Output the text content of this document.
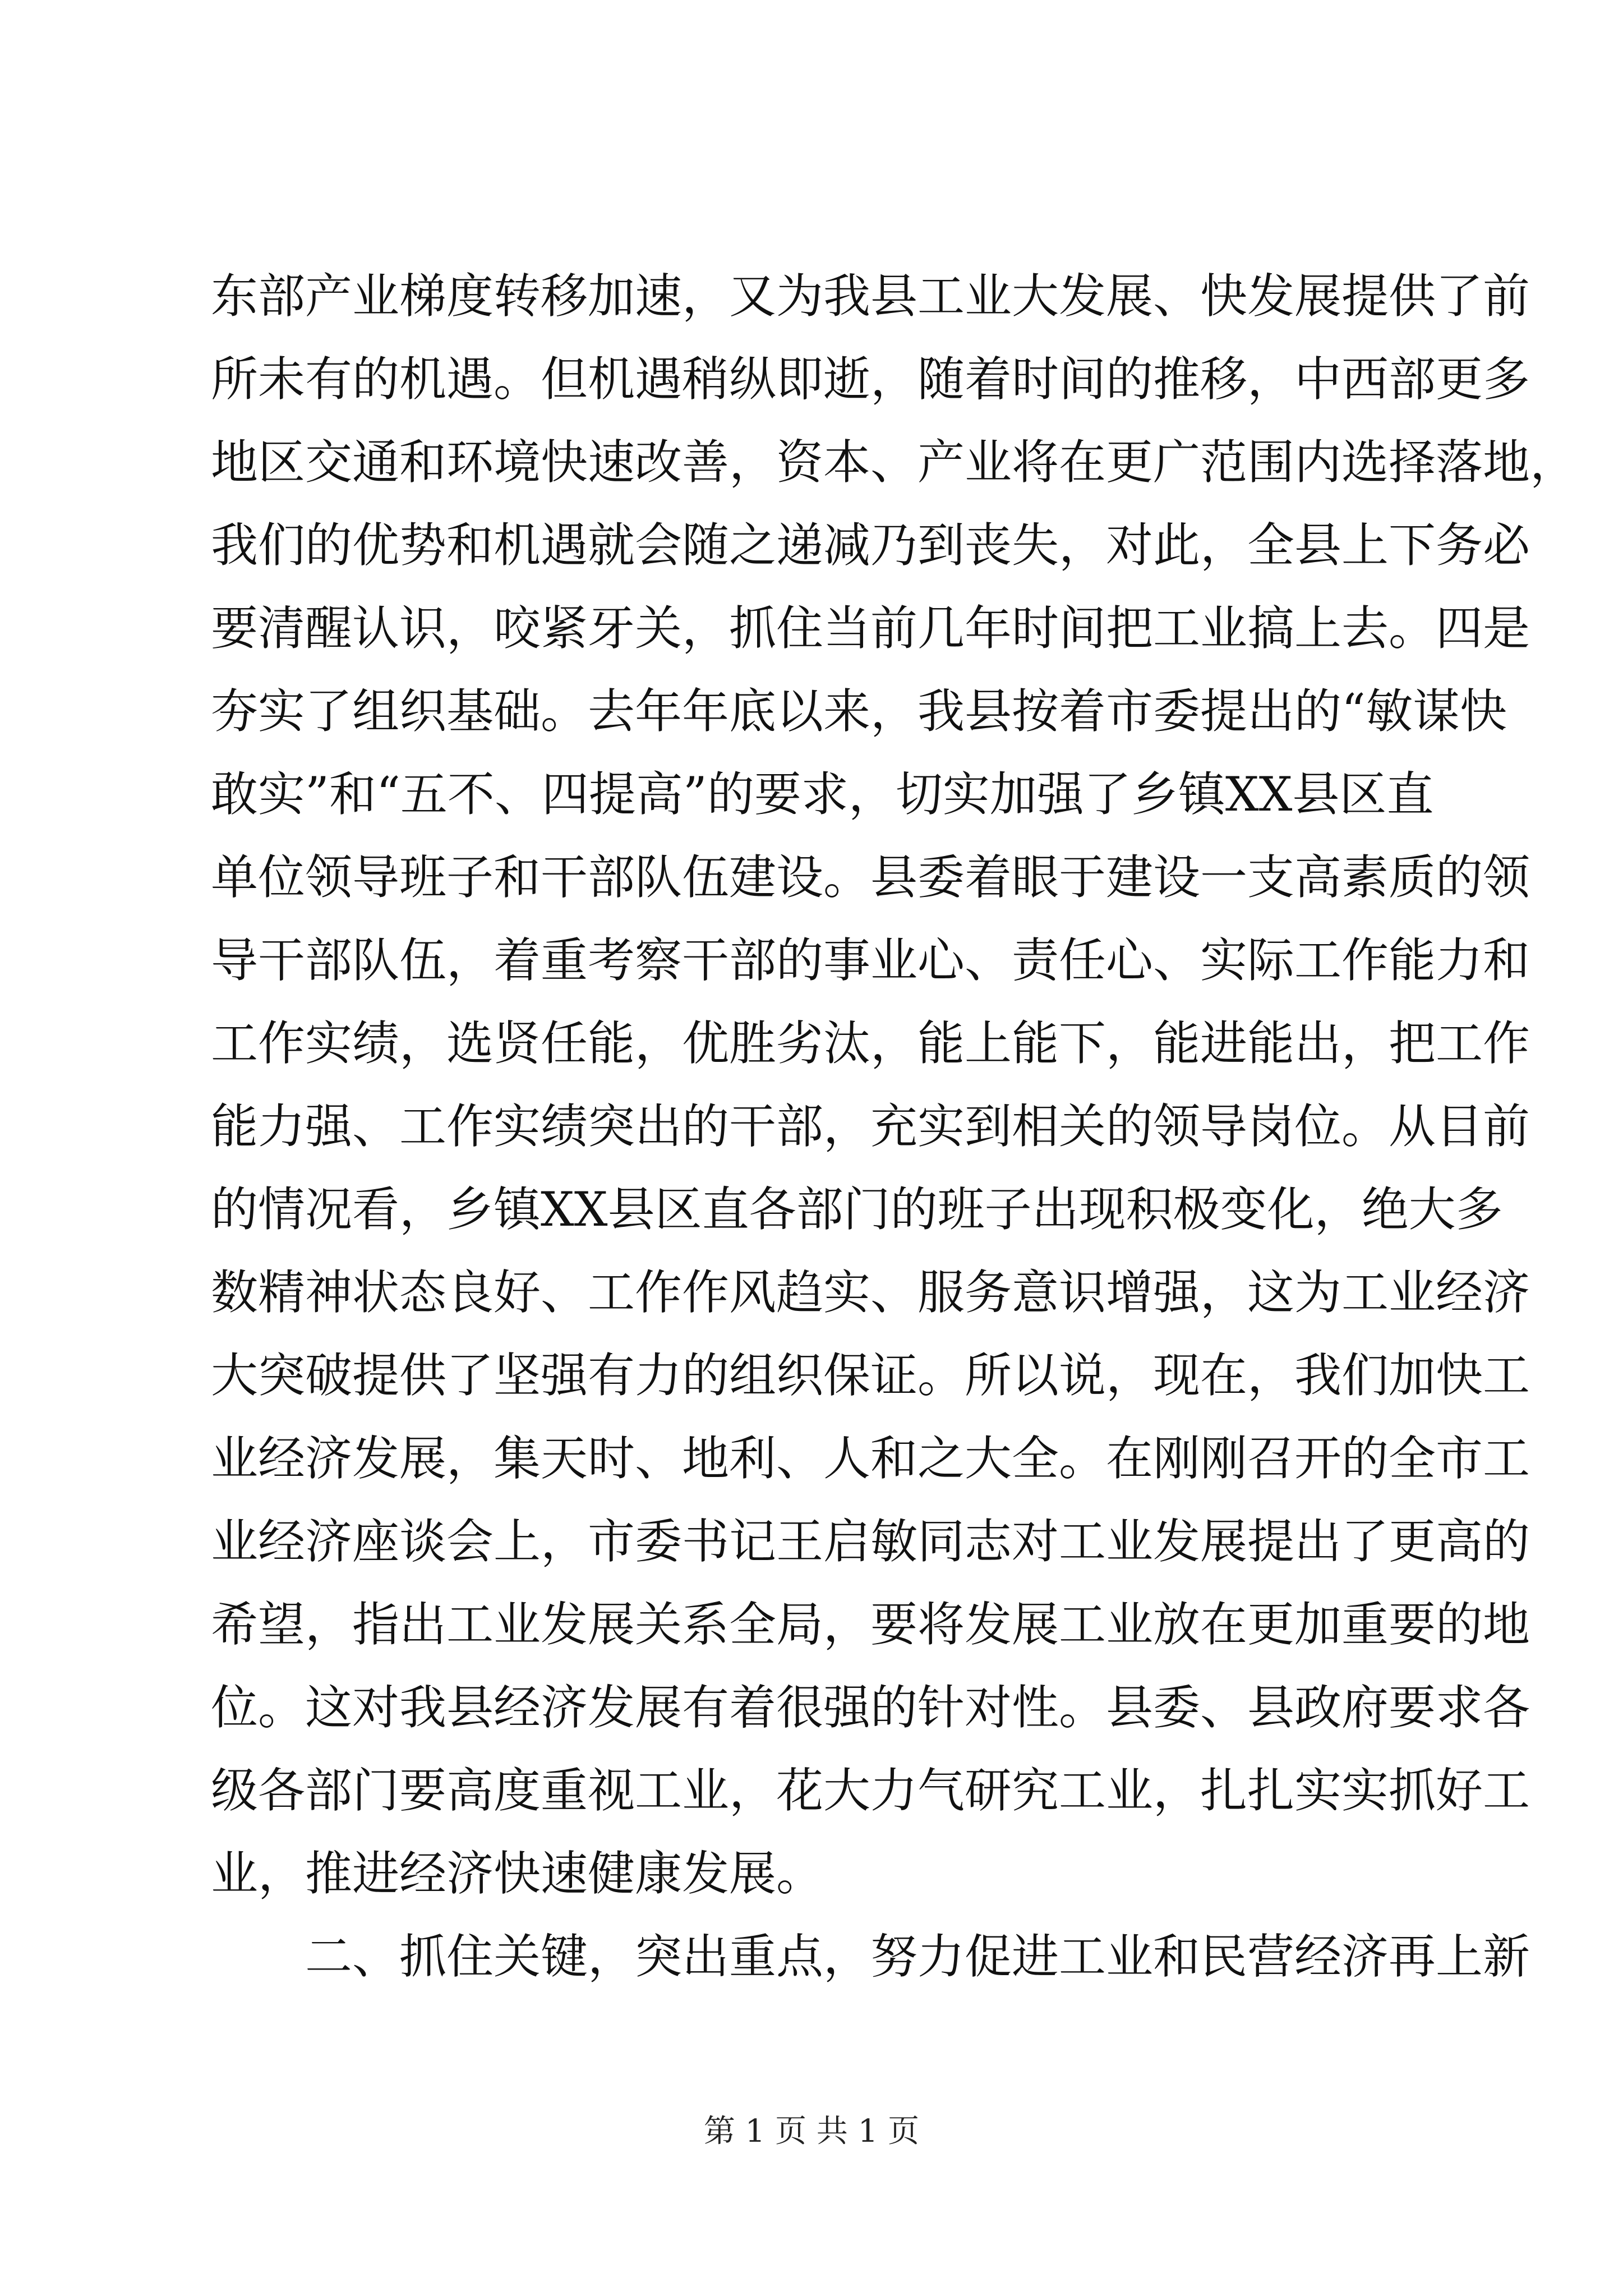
东部产业梯度转移加速，又为我县工业大发展、快发展提供了前
所未有的机遇。但机遇稍纵即逝，随着时间的推移，中西部更多
地区交通和环境快速改善，资本、产业将在更广范围内选择落地，
我们的优势和机遇就会随之递减乃到丧失，对此，全县上下务必
要清醒认识，咬紧牙关，抓住当前几年时间把工业搞上去。四是
夯实了组织基础。去年年底以来，我县按着市委提出的“敏谋快
敢实”和“五不、四提高”的要求，切实加强了乡镇XX县区直
单位领导班子和干部队伍建设。县委着眼于建设一支高素质的领
导干部队伍，着重考察干部的事业心、责任心、实际工作能力和
工作实绩，选贤任能，优胜劣汰，能上能下，能进能出，把工作
能力强、工作实绩突出的干部，充实到相关的领导岗位。从目前
的情况看，乡镇XX县区直各部门的班子出现积极变化，绝大多
数精神状态良好、工作作风趋实、服务意识增强，这为工业经济
大突破提供了坚强有力的组织保证。所以说，现在，我们加快工
业经济发展，集天时、地利、人和之大全。在刚刚召开的全市工
业经济座谈会上，市委书记王启敏同志对工业发展提出了更高的
希望，指出工业发展关系全局，要将发展工业放在更加重要的地
位。这对我县经济发展有着很强的针对性。县委、县政府要求各
级各部门要高度重视工业，花大力气研究工业，扎扎实实抓好工
业，推进经济快速健康发展。
二、抓住关键，突出重点，努力促进工业和民营经济再上新
第 1 页 共 1 页
